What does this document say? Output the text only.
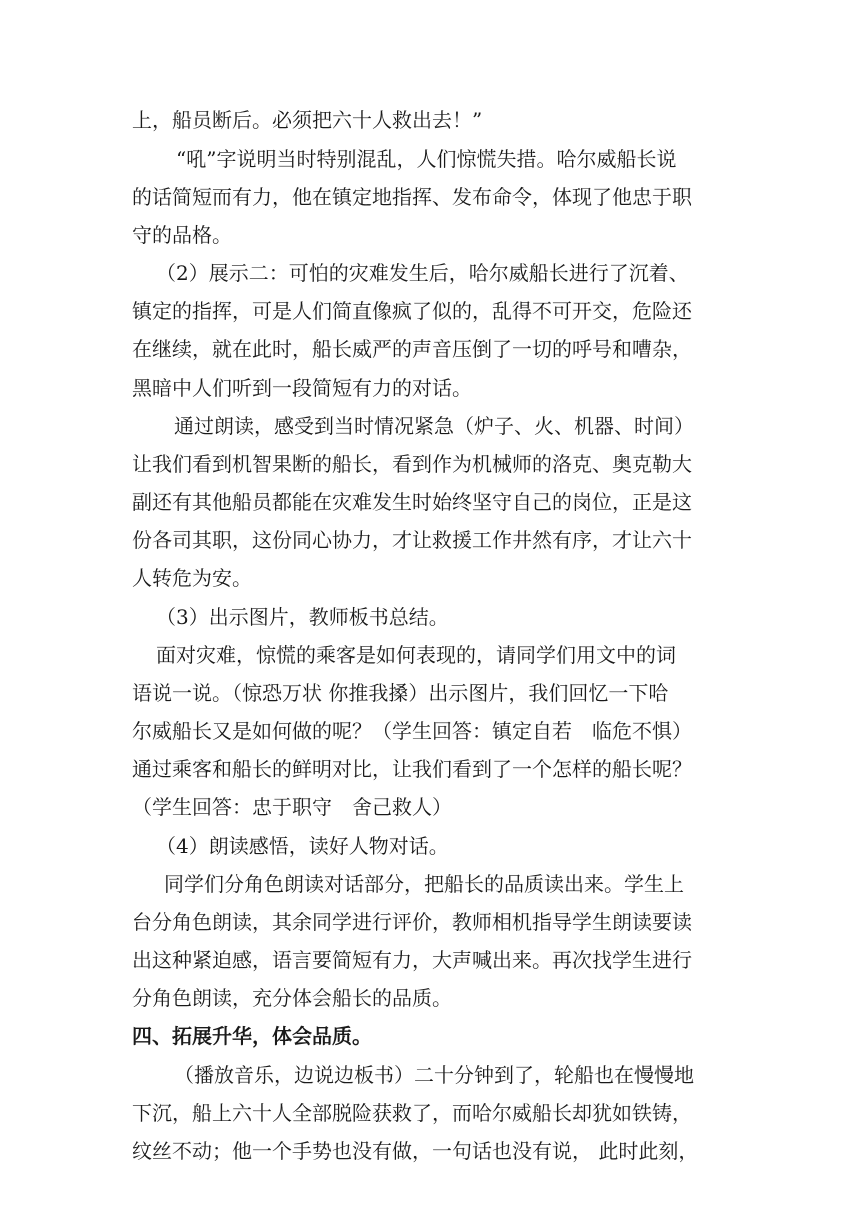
上，船员断后。必须把六十人救出去！”
“吼”字说明当时特别混乱，人们惊慌失措。哈尔威船长说
的话简短而有力，他在镇定地指挥、发布命令，体现了他忠于职
守的品格。
（2）展示二：可怕的灾难发生后，哈尔威船长进行了沉着、
镇定的指挥，可是人们简直像疯了似的，乱得不可开交，危险还
在继续，就在此时，船长威严的声音压倒了一切的呼号和嘈杂，
黑暗中人们听到一段简短有力的对话。
通过朗读，感受到当时情况紧急（炉子、火、机器、时间）
让我们看到机智果断的船长，看到作为机械师的洛克、奥克勒大
副还有其他船员都能在灾难发生时始终坚守自己的岗位，正是这
份各司其职，这份同心协力，才让救援工作井然有序，才让六十
人转危为安。
（3）出示图片，教师板书总结。
面对灾难，惊慌的乘客是如何表现的，请同学们用文中的词
语说一说。（惊恐万状 你推我搡）出示图片，我们回忆一下哈
尔威船长又是如何做的呢？（学生回答：镇定自若　临危不惧）
通过乘客和船长的鲜明对比，让我们看到了一个怎样的船长呢？
（学生回答：忠于职守　舍己救人）
（4）朗读感悟，读好人物对话。
同学们分角色朗读对话部分，把船长的品质读出来。学生上
台分角色朗读，其余同学进行评价，教师相机指导学生朗读要读
出这种紧迫感，语言要简短有力，大声喊出来。再次找学生进行
分角色朗读，充分体会船长的品质。
四、拓展升华，体会品质。
（播放音乐，边说边板书）二十分钟到了，轮船也在慢慢地
下沉，船上六十人全部脱险获救了，而哈尔威船长却犹如铁铸，
纹丝不动；他一个手势也没有做，一句话也没有说， 此时此刻，
